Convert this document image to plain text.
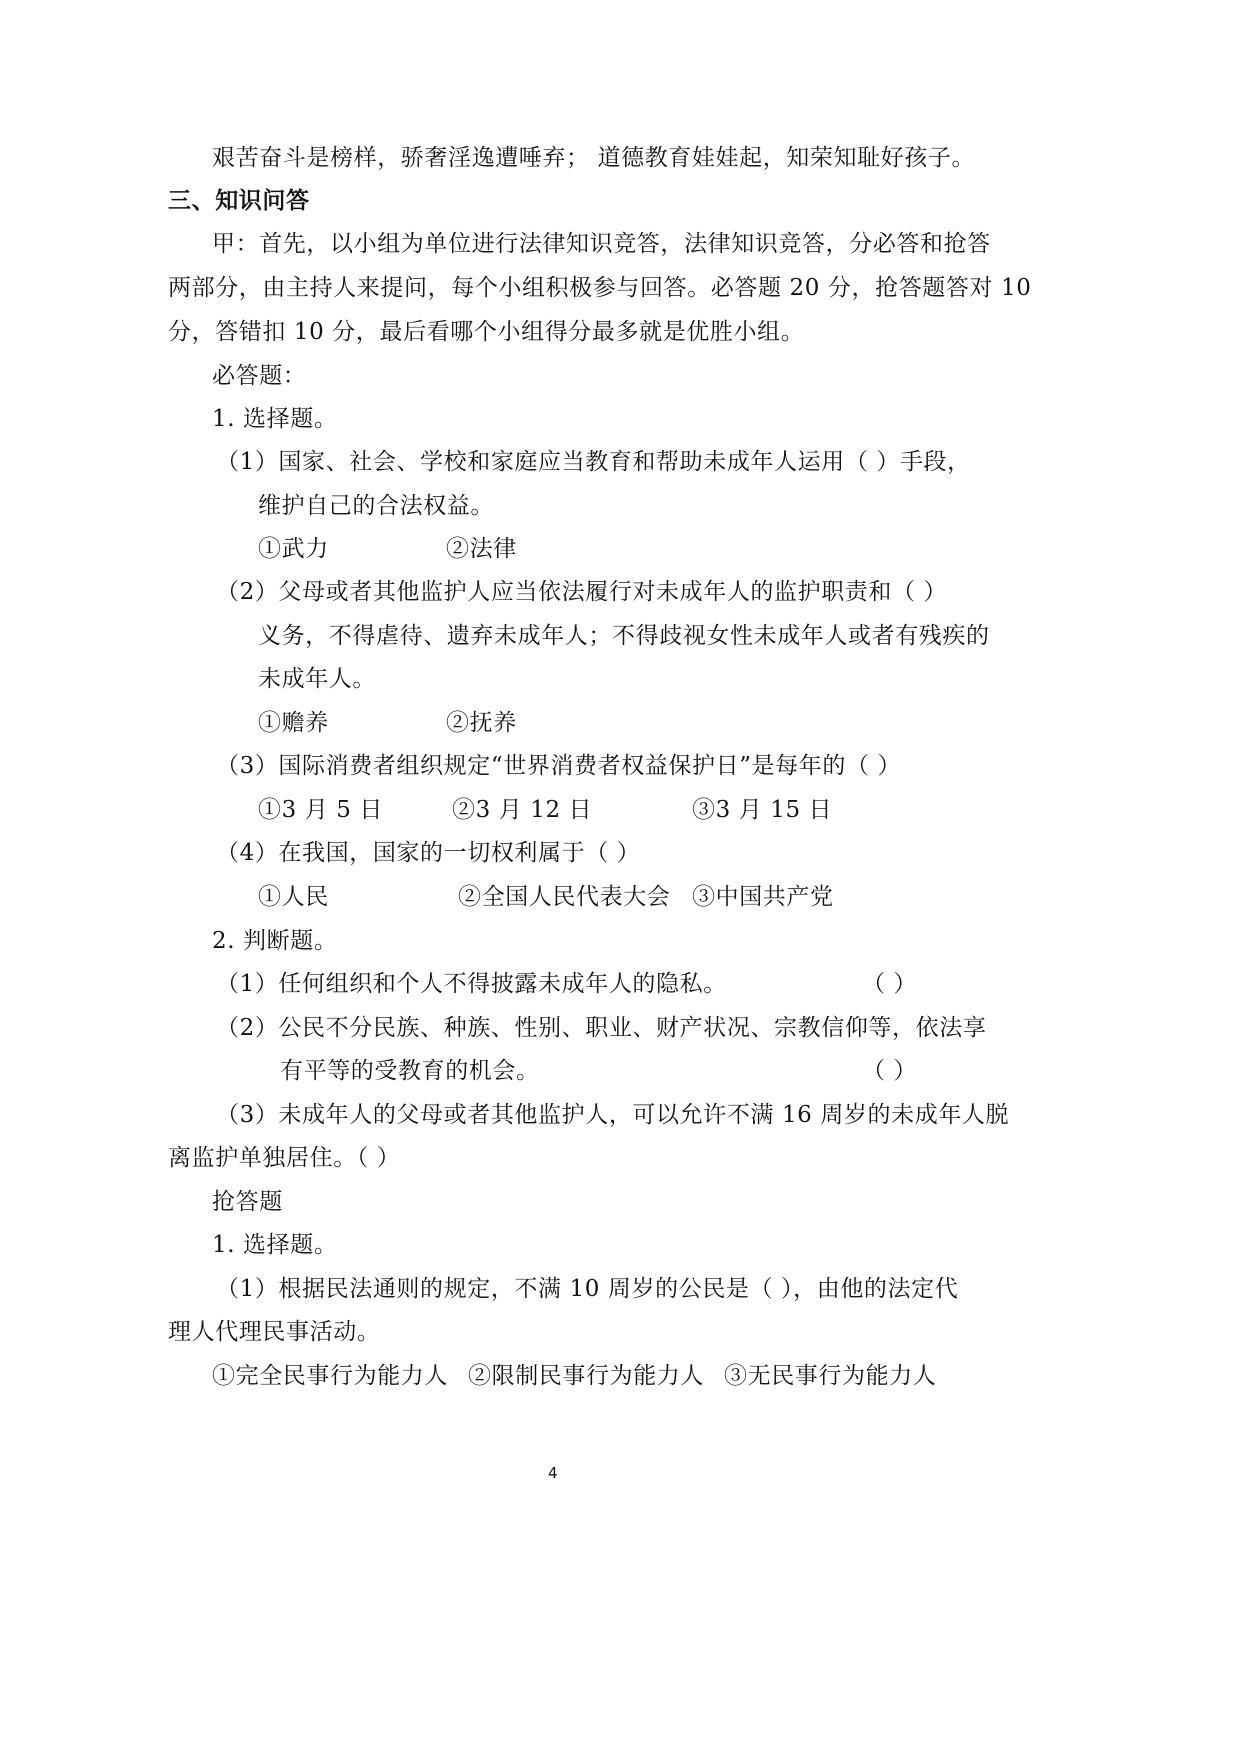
艰苦奋斗是榜样，骄奢淫逸遭唾弃； 道德教育娃娃起，知荣知耻好孩子。

三、知识问答

甲：首先，以小组为单位进行法律知识竞答，法律知识竞答，分必答和抢答

两部分，由主持人来提问，每个小组积极参与回答。必答题 20 分，抢答题答对 10

分，答错扣 10 分，最后看哪个小组得分最多就是优胜小组。

必答题：

1. 选择题。

（1）国家、社会、学校和家庭应当教育和帮助未成年人运用（ ）手段，

维护自己的合法权益。

①武力	②法律

（2）父母或者其他监护人应当依法履行对未成年人的监护职责和（ ）

义务，不得虐待、遗弃未成年人；不得歧视女性未成年人或者有残疾的

未成年人。

①赡养	②抚养

（3）国际消费者组织规定“世界消费者权益保护日”是每年的（ ）

①3 月 5 日	②3 月 12 日	③3 月 15 日

（4）在我国，国家的一切权利属于（ ）

①人民	②全国人民代表大会 ③中国共产党

2. 判断题。

（1）任何组织和个人不得披露未成年人的隐私。	（ ）

（2）公民不分民族、种族、性别、职业、财产状况、宗教信仰等，依法享

有平等的受教育的机会。	（ ）

（3）未成年人的父母或者其他监护人，可以允许不满 16 周岁的未成年人脱

离监护单独居住。（ ）

抢答题

1. 选择题。

（1）根据民法通则的规定，不满 10 周岁的公民是（ ），由他的法定代

理人代理民事活动。

①完全民事行为能力人 ②限制民事行为能力人 ③无民事行为能力人

4
